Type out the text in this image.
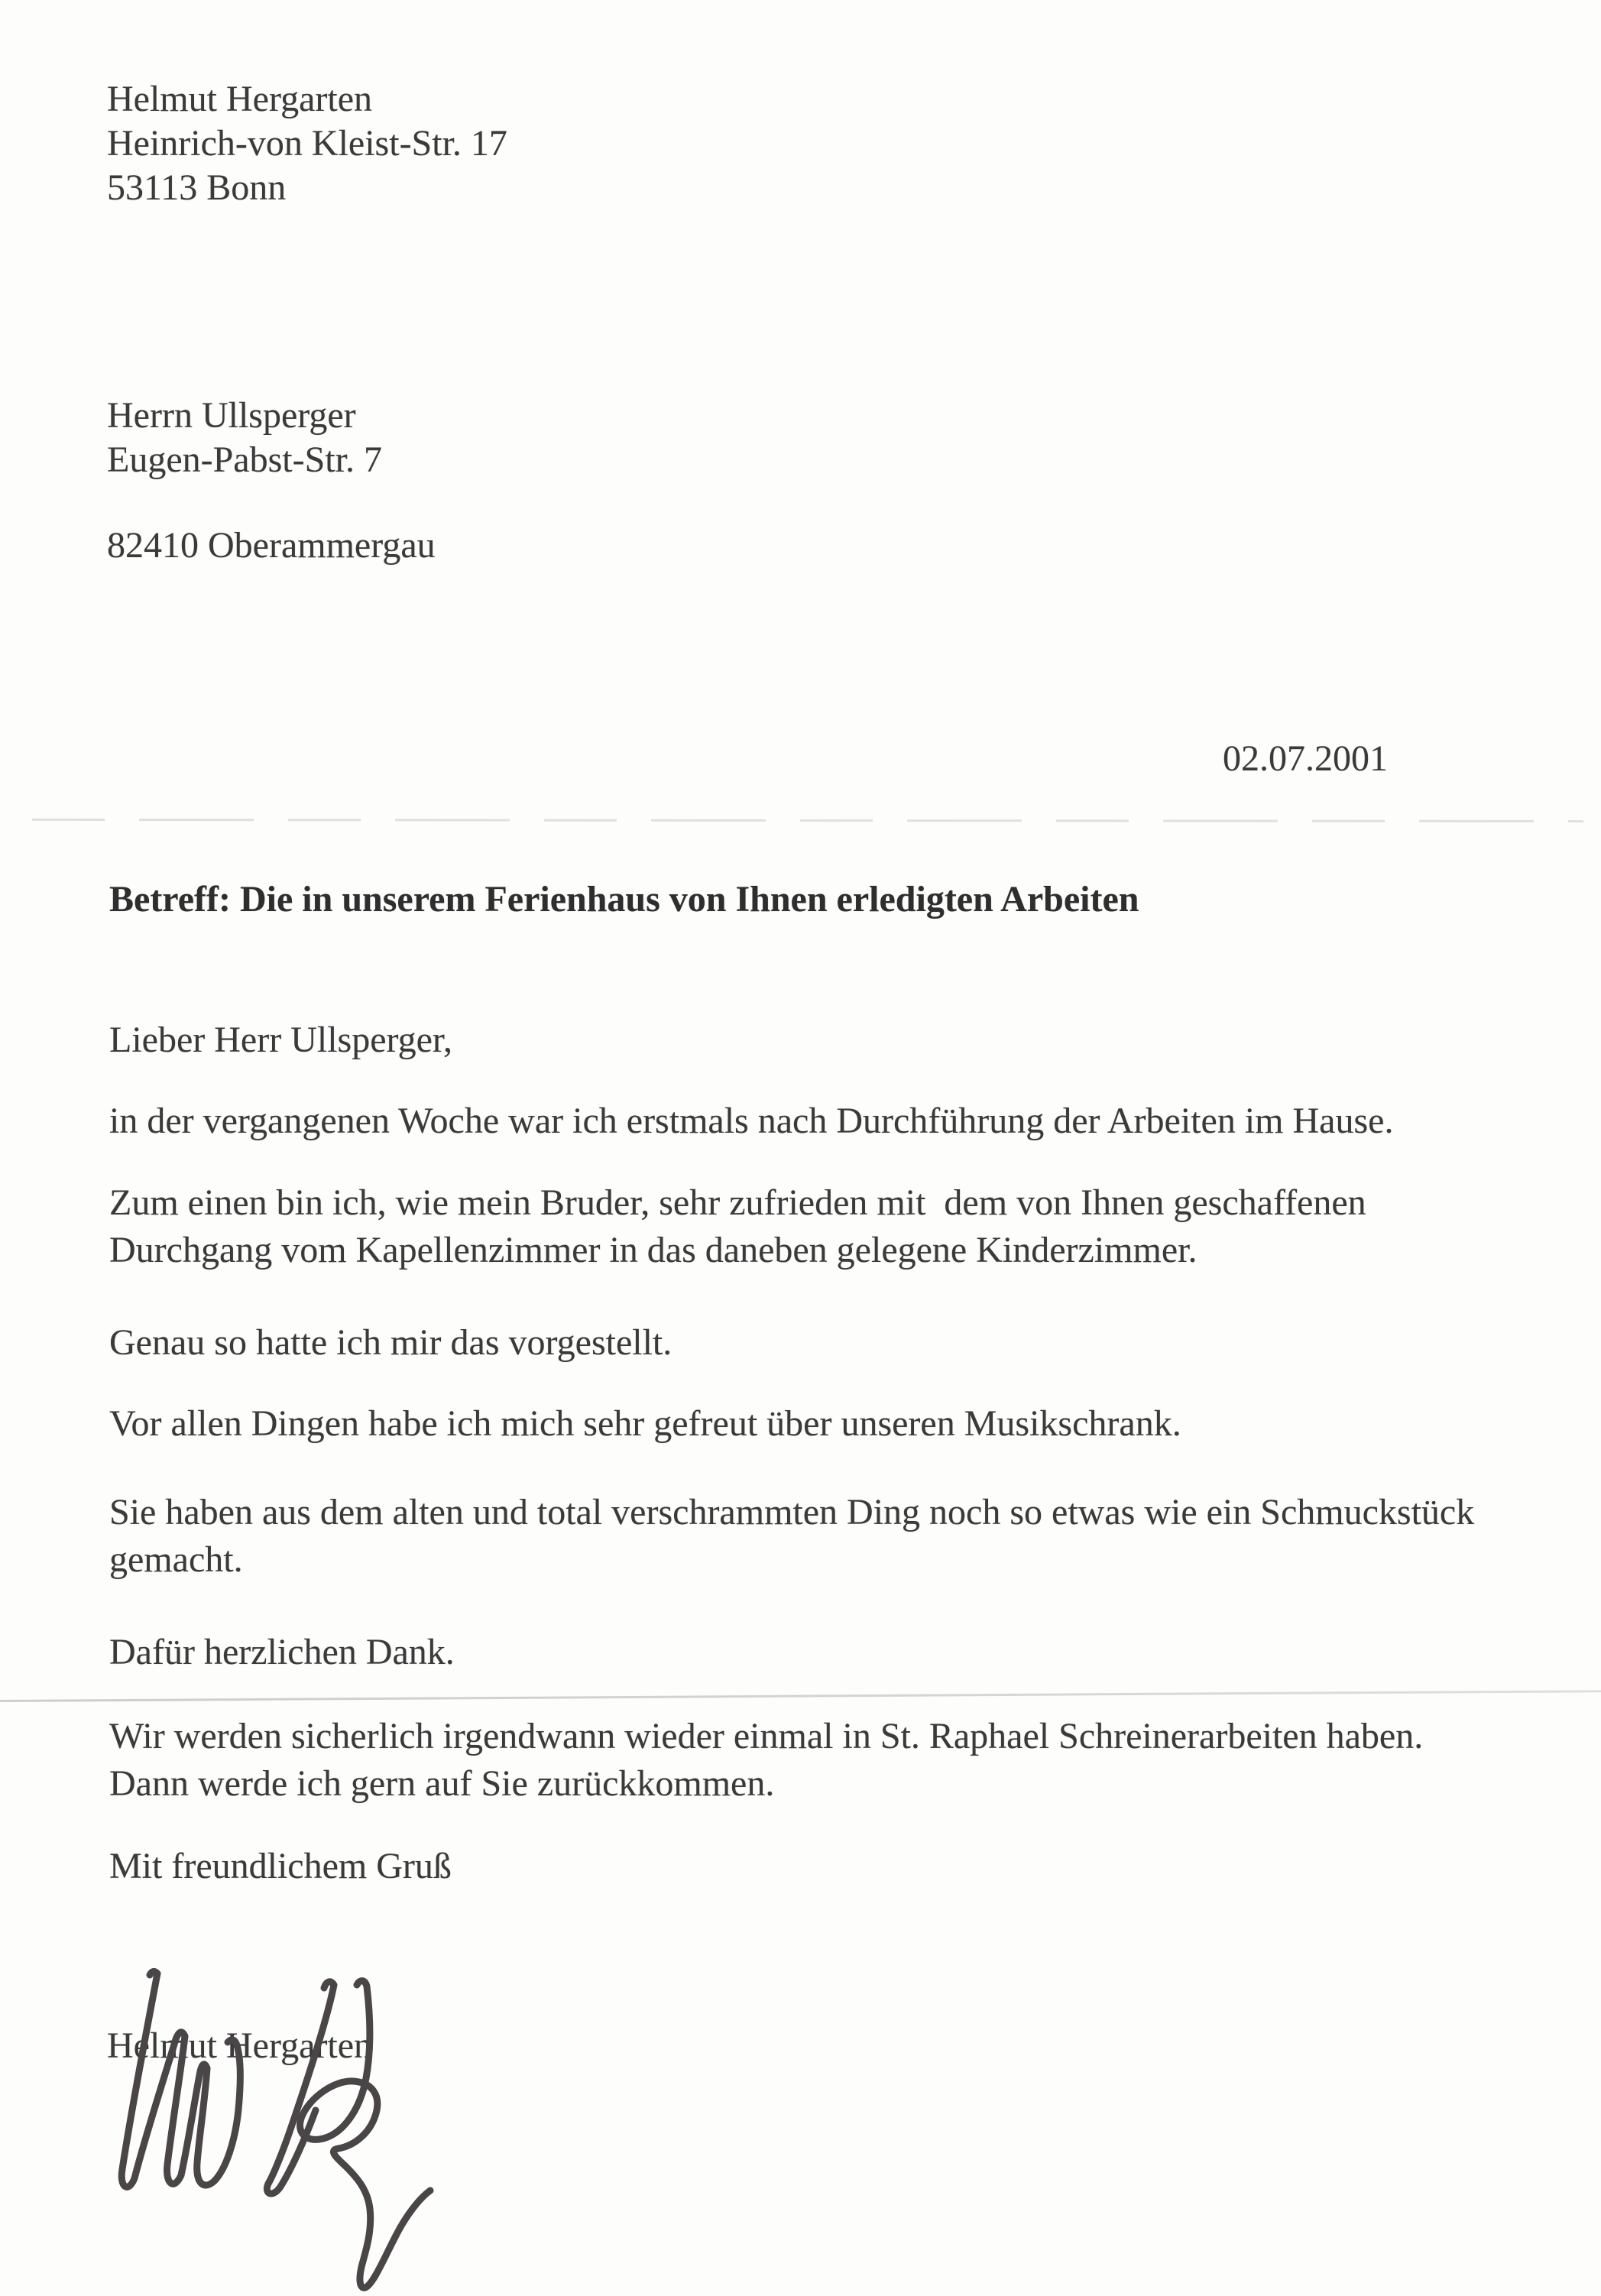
Helmut Hergarten
Heinrich-von Kleist-Str. 17
53113 Bonn
Herrn Ullsperger
Eugen-Pabst-Str. 7
82410 Oberammergau
02.07.2001
Betreff: Die in unserem Ferienhaus von Ihnen erledigten Arbeiten
Lieber Herr Ullsperger,
in der vergangenen Woche war ich erstmals nach Durchführung der Arbeiten im Hause.
Zum einen bin ich, wie mein Bruder, sehr zufrieden mit  dem von Ihnen geschaffenen
Durchgang vom Kapellenzimmer in das daneben gelegene Kinderzimmer.
Genau so hatte ich mir das vorgestellt.
Vor allen Dingen habe ich mich sehr gefreut über unseren Musikschrank.
Sie haben aus dem alten und total verschrammten Ding noch so etwas wie ein Schmuckstück
gemacht.
Dafür herzlichen Dank.
Wir werden sicherlich irgendwann wieder einmal in St. Raphael Schreinerarbeiten haben.
Dann werde ich gern auf Sie zurückkommen.
Mit freundlichem Gruß
Helmut Hergarten
